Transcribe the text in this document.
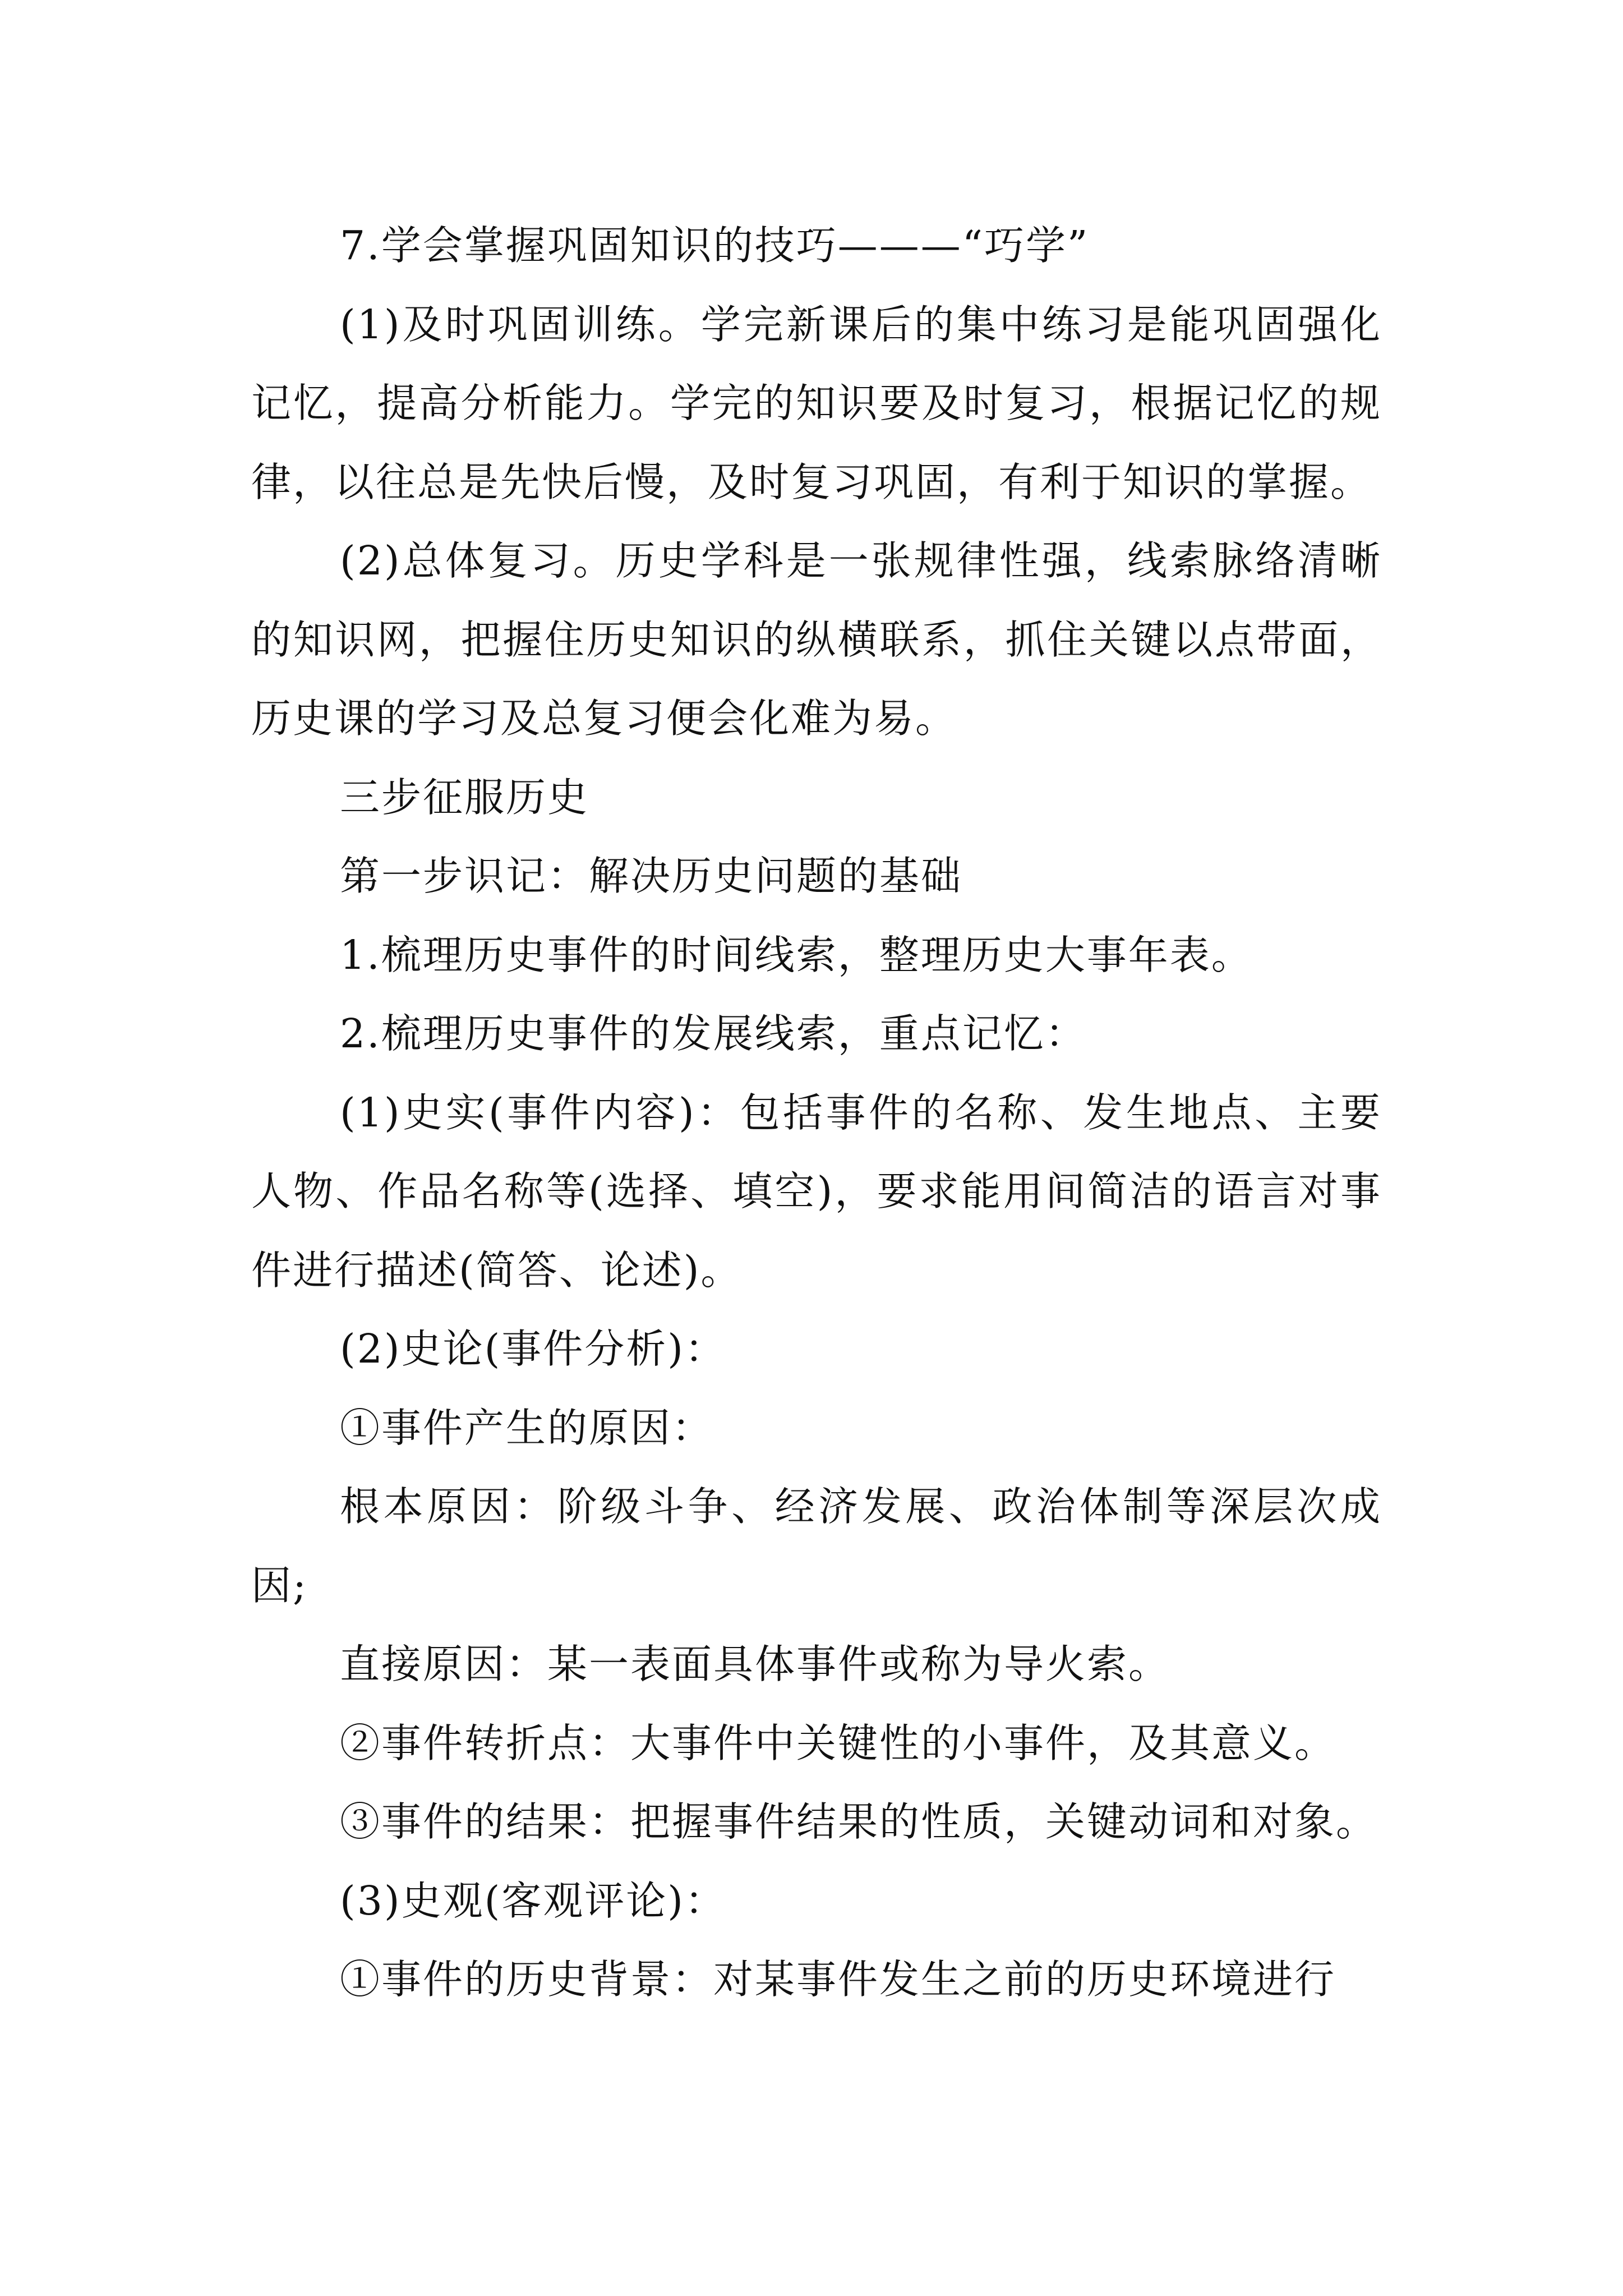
7.学会掌握巩固知识的技巧———“巧学”

(1)及时巩固训练。学完新课后的集中练习是能巩固强化记忆，提高分析能力。学完的知识要及时复习，根据记忆的规律，以往总是先快后慢，及时复习巩固，有利于知识的掌握。

(2)总体复习。历史学科是一张规律性强，线索脉络清晰的知识网，把握住历史知识的纵横联系，抓住关键以点带面，历史课的学习及总复习便会化难为易。

三步征服历史

第一步识记：解决历史问题的基础

1.梳理历史事件的时间线索，整理历史大事年表。

2.梳理历史事件的发展线索，重点记忆：

(1)史实(事件内容)：包括事件的名称、发生地点、主要人物、作品名称等(选择、填空)，要求能用间简洁的语言对事件进行描述(简答、论述)。

(2)史论(事件分析)：

①事件产生的原因：

根本原因：阶级斗争、经济发展、政治体制等深层次成因;

直接原因：某一表面具体事件或称为导火索。

②事件转折点：大事件中关键性的小事件，及其意义。

③事件的结果：把握事件结果的性质，关键动词和对象。

(3)史观(客观评论)：

①事件的历史背景：对某事件发生之前的历史环境进行
